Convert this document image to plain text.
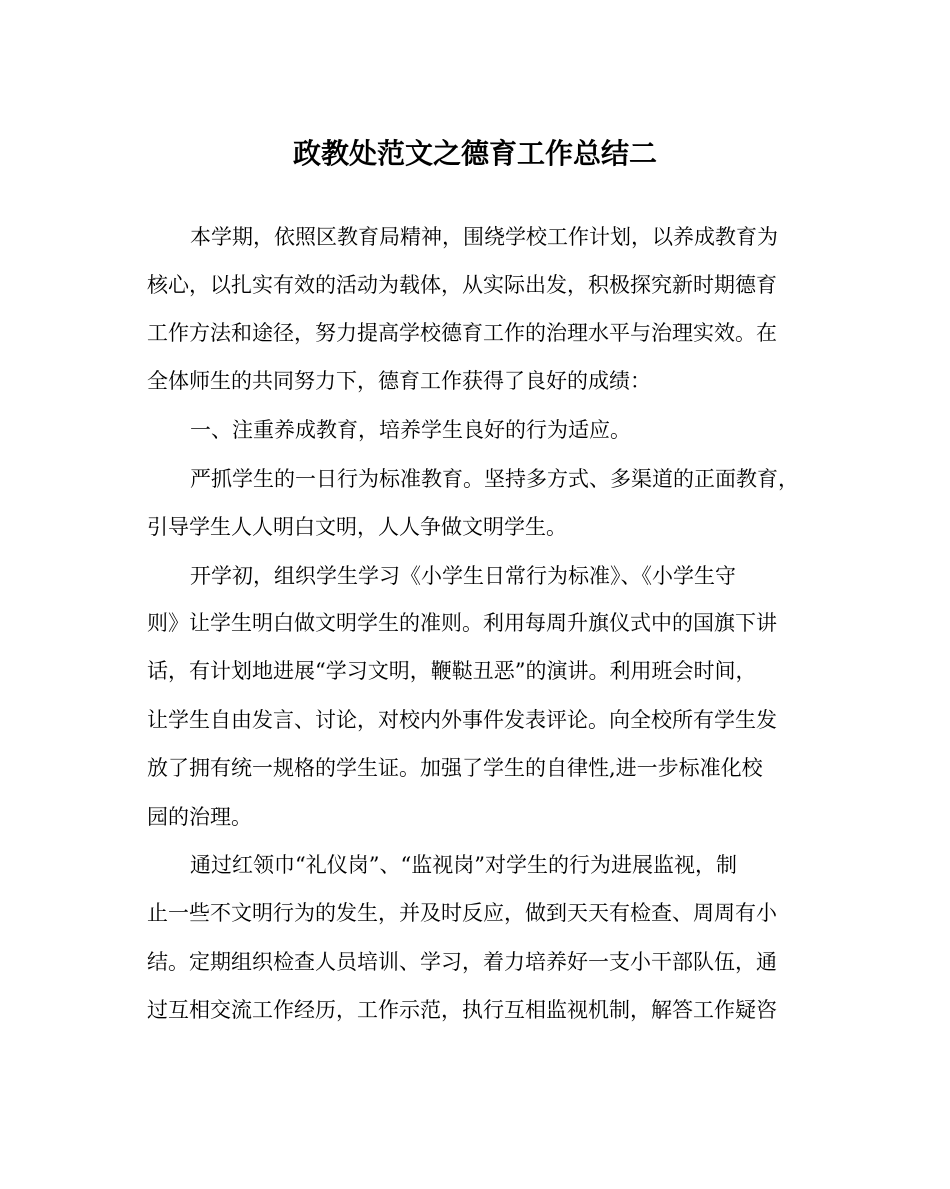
政教处范文之德育工作总结二

本学期，依照区教育局精神，围绕学校工作计划，以养成教育为

核心，以扎实有效的活动为载体，从实际出发，积极探究新时期德育

工作方法和途径，努力提高学校德育工作的治理水平与治理实效。在

全体师生的共同努力下，德育工作获得了良好的成绩：

一、注重养成教育，培养学生良好的行为适应。

严抓学生的一日行为标准教育。坚持多方式、多渠道的正面教育，

引导学生人人明白文明，人人争做文明学生。

开学初，组织学生学习《小学生日常行为标准》、《小学生守

则》让学生明白做文明学生的准则。利用每周升旗仪式中的国旗下讲

话，有计划地进展“学习文明，鞭鞑丑恶”的演讲。利用班会时间，

让学生自由发言、讨论，对校内外事件发表评论。向全校所有学生发

放了拥有统一规格的学生证。加强了学生的自律性,进一步标准化校

园的治理。

通过红领巾“礼仪岗”、“监视岗”对学生的行为进展监视，制

止一些不文明行为的发生，并及时反应，做到天天有检查、周周有小

结。定期组织检查人员培训、学习，着力培养好一支小干部队伍，通

过互相交流工作经历，工作示范，执行互相监视机制，解答工作疑咨
